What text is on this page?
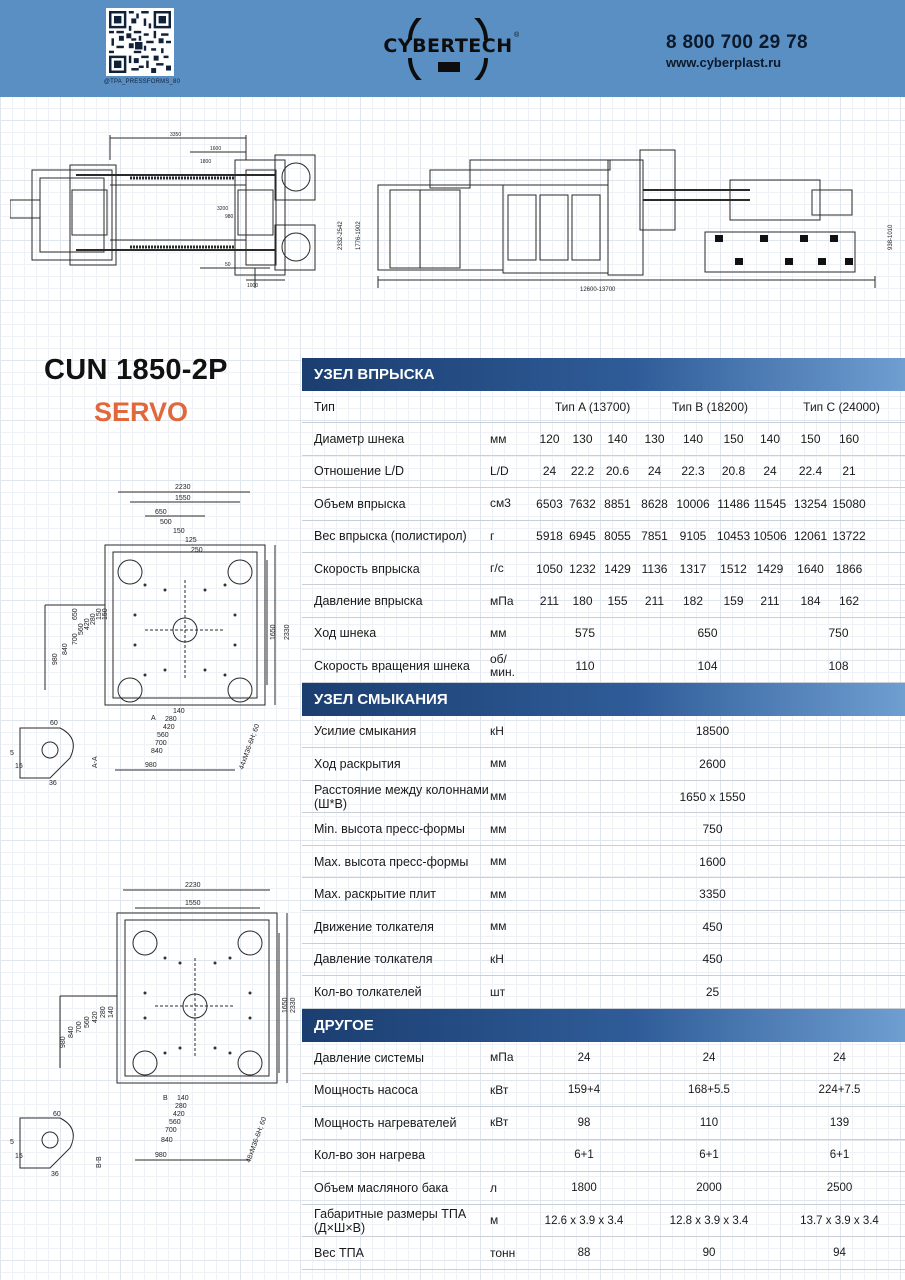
@TPA_PRESSFORMS_80
CYBERTECH ®	8 800 700 29 78
www.cyberplast.ru
3350
1600
1800
3200
980
50
1000
12600-13700
2332-2542 1776-1902	938-1010
CUN 1850-2P
SERVO
2230
1550
650
500
150
125
250
1650 2330
44xM36-6H; 60
980
840
700
560 420 280 150 150
650
140
280
420
560
700
840
980
A
60
36
5
15	A-A
2230
1550
1650 2330
48xM36-6H; 60
980
840 700 560 420 280 140
140
280
420
560
700
840
980
B
60
36
5
15	B-B
УЗЕЛ ВПРЫСКА
Тип	Тип A (13700)	Тип B (18200)	Тип C (24000)
Диаметр шнека	мм	120	130	140	130	140	150	140	150	160
Отношение L/D	L/D	24	22.2 20.6	24	22.3	20.8	24	22.4	21
Объем впрыска	см3	6503 7632 8851 8628 10006 11486 11545 13254 15080
Вес впрыска (полистирол)	г	5918 6945 8055 7851 9105 10453 10506 12061 13722
Скорость впрыска	г/с	1050 1232 1429 1136	1317	1512 1429	1640 1866
Давление впрыска	мПа	211	180	155	211	182	159	211	184	162
Ход шнека	мм	575	650	750
Скорость вращения шнека	об/ мин.	110	104	108
УЗЕЛ СМЫКАНИЯ
Усилие смыкания	кН	18500
Ход раскрытия	мм	2600
Расстояние между колоннами (Ш*В)
мм	1650 x 1550
Min. высота пресс-формы	мм	750
Max. высота пресс-формы	мм	1600
Max. раскрытие плит	мм	3350
Движение толкателя	мм	450
Давление толкателя	кН	450
Кол-во толкателей	шт	25
ДРУГОЕ
Давление системы	мПа	24	24	24
Мощность насоса	кВт	159+4	168+5.5	224+7.5
Мощность нагревателей	кВт	98	110	139
Кол-во зон нагрева	6+1	6+1	6+1
Объем масляного бака	л	1800	2000	2500
Габаритные размеры ТПА (Д×Ш×В)
м	12.6 x 3.9 x 3.4	12.8 x 3.9 x 3.4	13.7 x 3.9 x 3.4
Вес ТПА	тонн	88	90	94
